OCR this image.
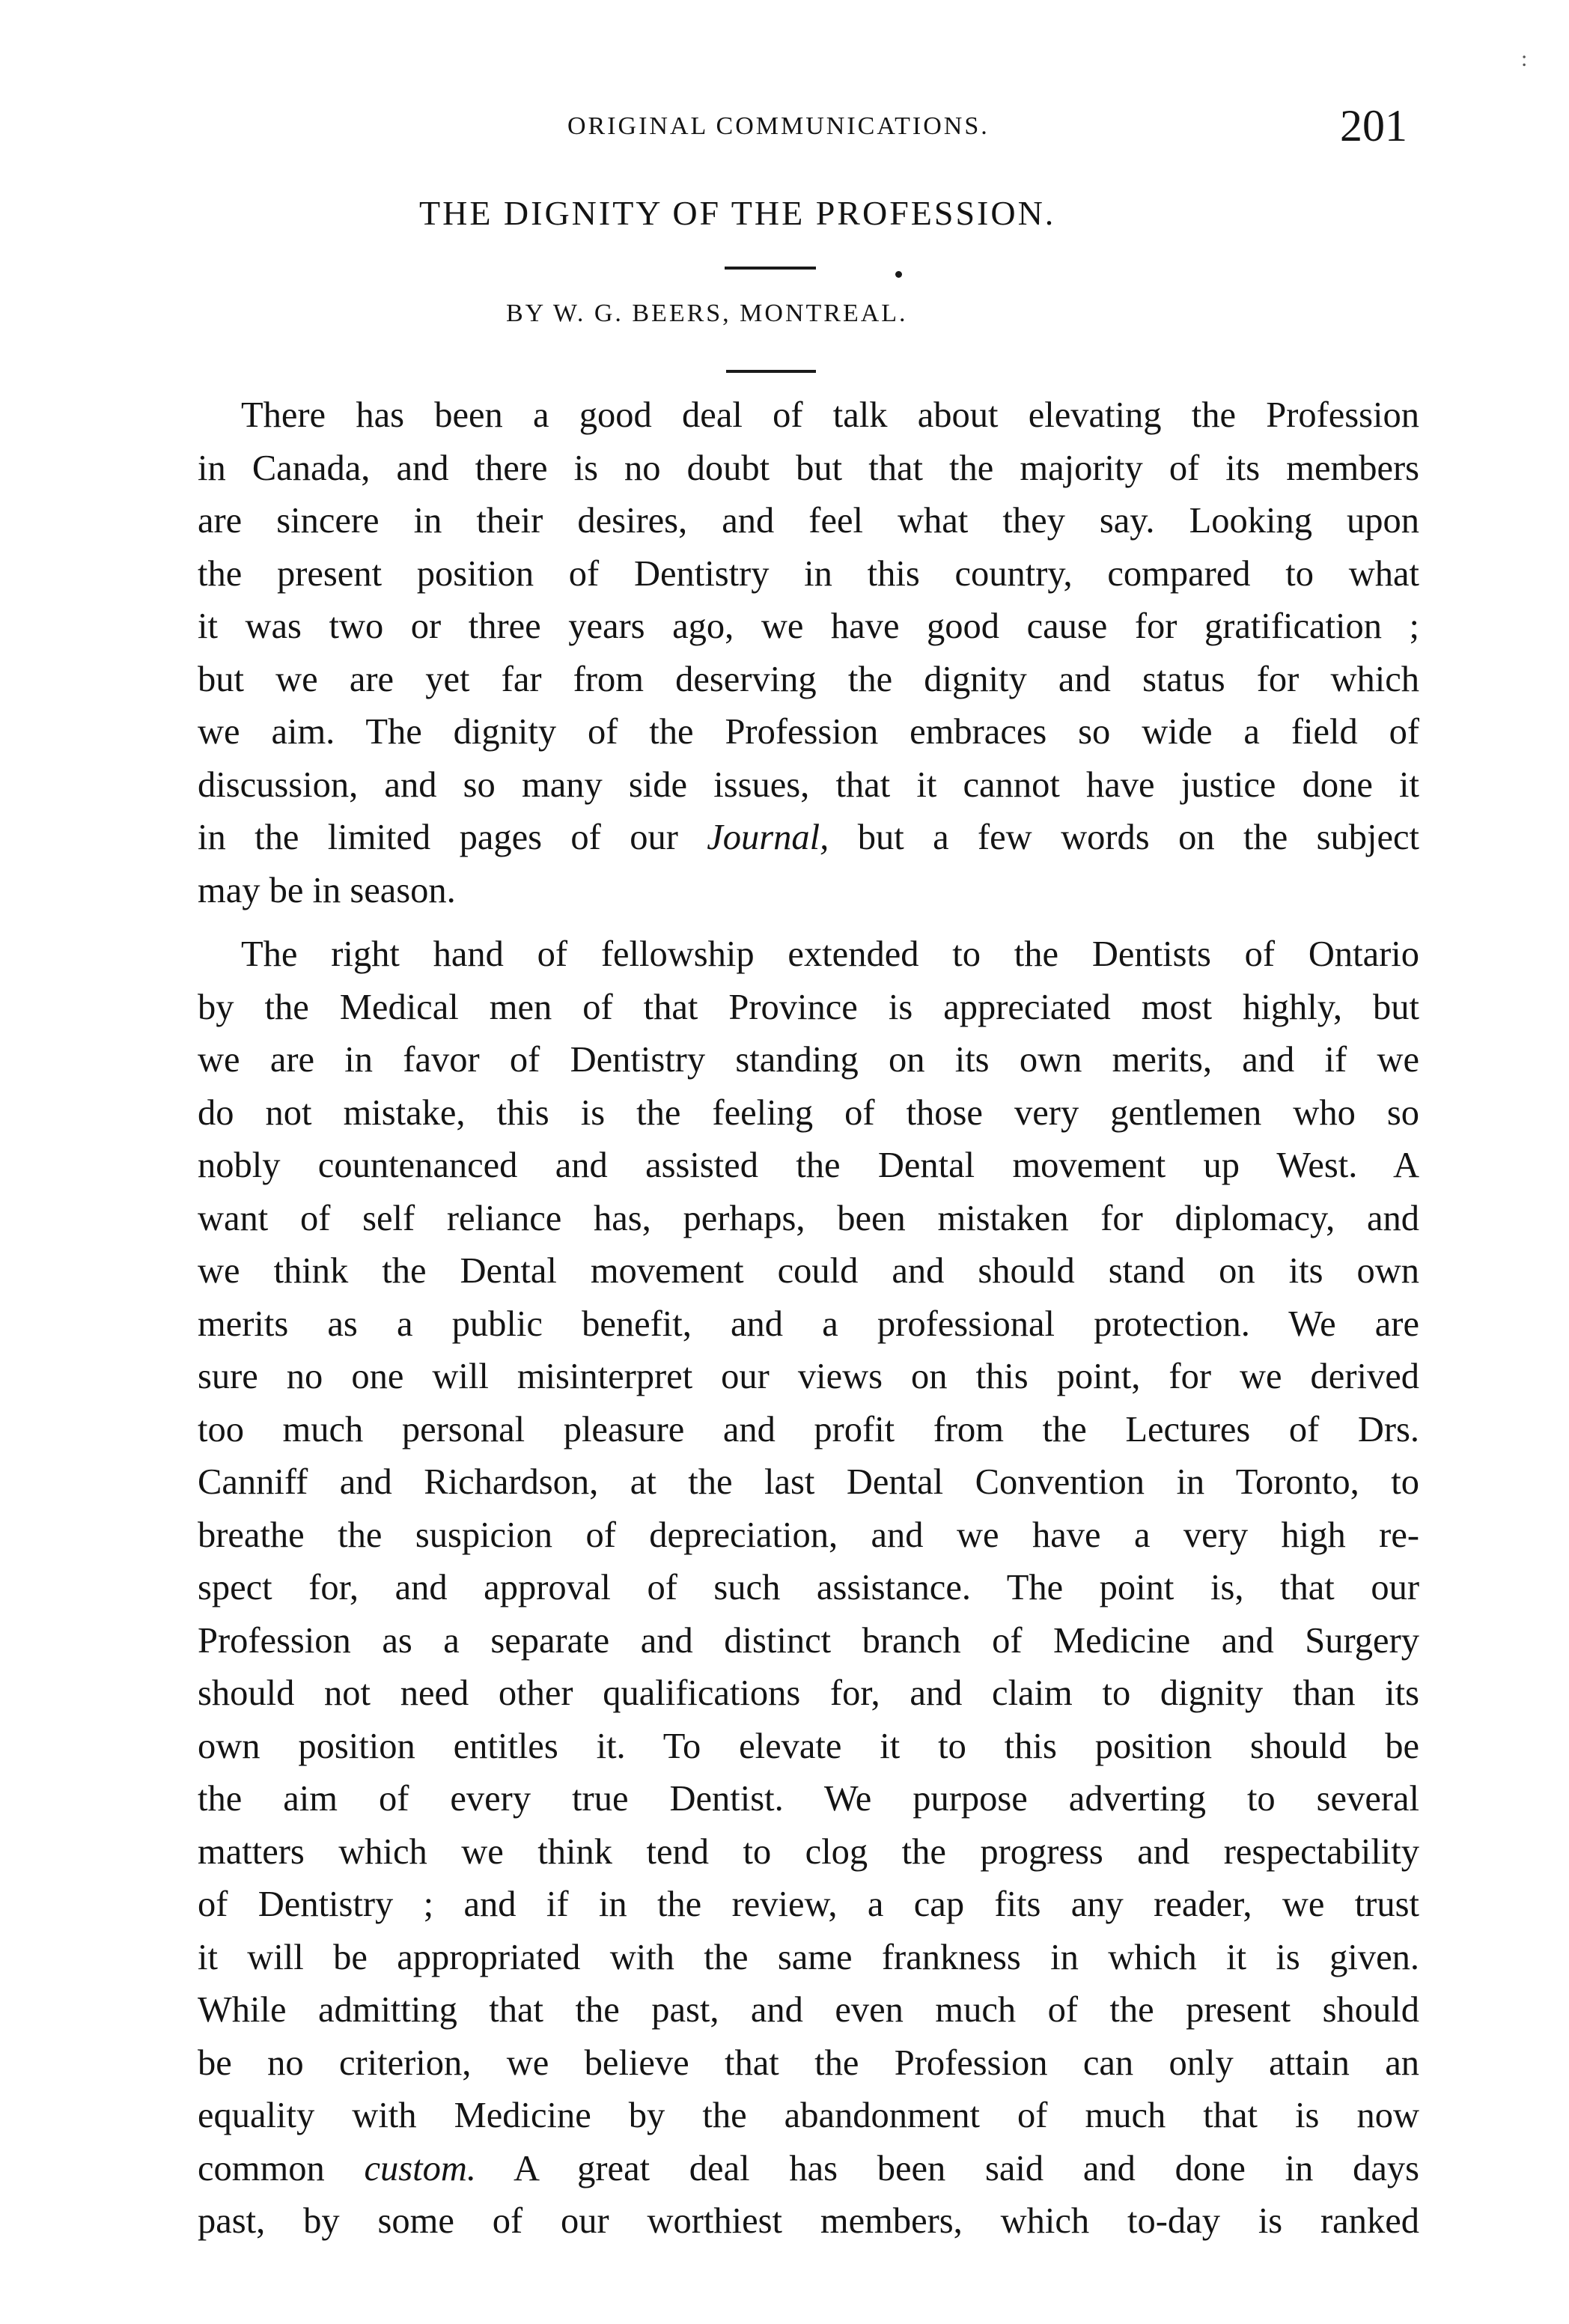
ORIGINAL COMMUNICATIONS.	201
:
THE DIGNITY OF THE PROFESSION.
BY W. G. BEERS, MONTREAL.
There has been a good deal of talk about elevating the Profession
in Canada, and there is no doubt but that the majority of its members
are sincere in their desires, and feel what they say. Looking upon
the present position of Dentistry in this country, compared to what
it was two or three years ago, we have good cause for gratification ;
but we are yet far from deserving the dignity and status for which
we aim. The dignity of the Profession embraces so wide a field of
discussion, and so many side issues, that it cannot have justice done it
in the limited pages of our Journal, but a few words on the subject
may be in season.
The right hand of fellowship extended to the Dentists of Ontario
by the Medical men of that Province is appreciated most highly, but
we are in favor of Dentistry standing on its own merits, and if we
do not mistake, this is the feeling of those very gentlemen who so
nobly countenanced and assisted the Dental movement up West. A
want of self reliance has, perhaps, been mistaken for diplomacy, and
we think the Dental movement could and should stand on its own
merits as a public benefit, and a professional protection. We are
sure no one will misinterpret our views on this point, for we derived
too much personal pleasure and profit from the Lectures of Drs.
Canniff and Richardson, at the last Dental Convention in Toronto, to
breathe the suspicion of depreciation, and we have a very high re-
spect for, and approval of such assistance. The point is, that our
Profession as a separate and distinct branch of Medicine and Surgery
should not need other qualifications for, and claim to dignity than its
own position entitles it. To elevate it to this position should be
the aim of every true Dentist. We purpose adverting to several
matters which we think tend to clog the progress and respectability
of Dentistry ; and if in the review, a cap fits any reader, we trust
it will be appropriated with the same frankness in which it is given.
While admitting that the past, and even much of the present should
be no criterion, we believe that the Profession can only attain an
equality with Medicine by the abandonment of much that is now
common custom. A great deal has been said and done in days
past, by some of our worthiest members, which to-day is ranked
